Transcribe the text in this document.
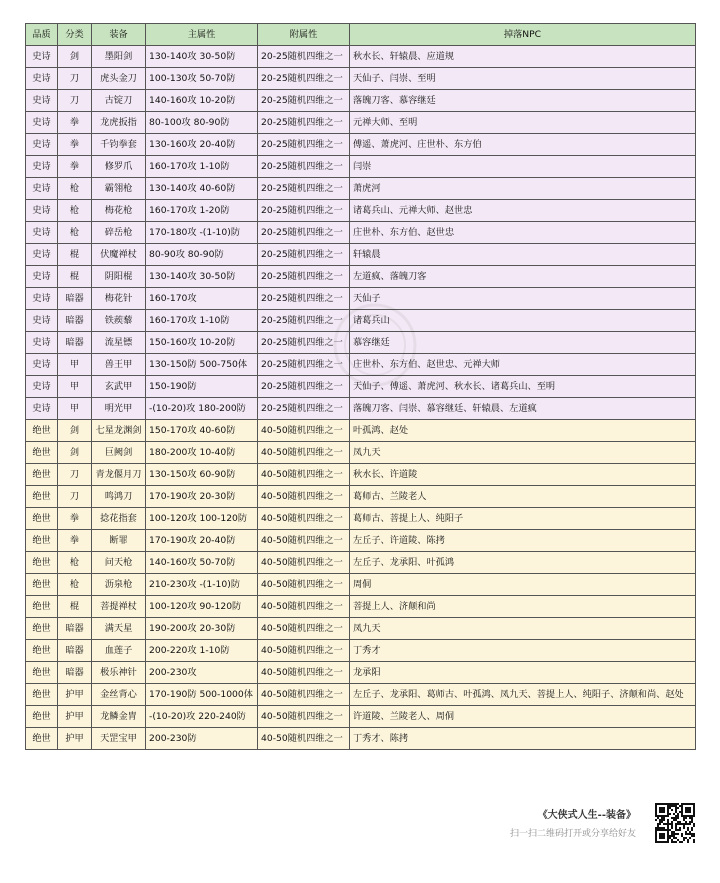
品质	分类	装备	主属性	附属性	掉落NPC
史诗	剑	墨阳剑	130-140攻 30-50防	20-25随机四维之一	秋水长、轩辕晨、应道规
史诗	刀	虎头金刀	100-130攻 50-70防	20-25随机四维之一	天仙子、闫崇、至明
史诗	刀	古锭刀	140-160攻 10-20防	20-25随机四维之一	落魄刀客、慕容继廷
史诗	拳	龙虎扳指	80-100攻 80-90防	20-25随机四维之一	元禅大师、至明
史诗	拳	千钧拳套	130-160攻 20-40防	20-25随机四维之一	傅遥、萧虎河、庄世朴、东方伯
史诗	拳	修罗爪	160-170攻 1-10防	20-25随机四维之一	闫崇
史诗	枪	霸翎枪	130-140攻 40-60防	20-25随机四维之一	萧虎河
史诗	枪	梅花枪	160-170攻 1-20防	20-25随机四维之一	诸葛兵山、元禅大师、赵世忠
史诗	枪	碎岳枪	170-180攻 -(1-10)防	20-25随机四维之一	庄世朴、东方伯、赵世忠
史诗	棍	伏魔禅杖	80-90攻 80-90防	20-25随机四维之一	轩辕晨
史诗	棍	阴阳棍	130-140攻 30-50防	20-25随机四维之一	左道疯、落魄刀客
史诗	暗器	梅花针	160-170攻	20-25随机四维之一	天仙子
史诗	暗器	铁蒺藜	160-170攻 1-10防	20-25随机四维之一	诸葛兵山
史诗	暗器	流星镖	150-160攻 10-20防	20-25随机四维之一	慕容继廷
史诗	甲	兽王甲	130-150防 500-750体	20-25随机四维之一	庄世朴、东方伯、赵世忠、元禅大师
史诗	甲	玄武甲	150-190防	20-25随机四维之一	天仙子、傅遥、萧虎河、秋水长、诸葛兵山、至明
史诗	甲	明光甲	-(10-20)攻 180-200防	20-25随机四维之一	落魄刀客、闫崇、慕容继廷、轩辕晨、左道疯
绝世	剑	七星龙渊剑	150-170攻 40-60防	40-50随机四维之一	叶孤鸿、赵处
绝世	剑	巨阙剑	180-200攻 10-40防	40-50随机四维之一	凤九天
绝世	刀	青龙偃月刀	130-150攻 60-90防	40-50随机四维之一	秋水长、许道陵
绝世	刀	鸣鸿刀	170-190攻 20-30防	40-50随机四维之一	葛师古、兰陵老人
绝世	拳	捻花指套	100-120攻 100-120防	40-50随机四维之一	葛师古、菩提上人、纯阳子
绝世	拳	断罪	170-190攻 20-40防	40-50随机四维之一	左丘子、许道陵、陈拷
绝世	枪	问天枪	140-160攻 50-70防	40-50随机四维之一	左丘子、龙承阳、叶孤鸿
绝世	枪	沥泉枪	210-230攻 -(1-10)防	40-50随机四维之一	周侗
绝世	棍	菩提禅杖	100-120攻 90-120防	40-50随机四维之一	菩提上人、济颠和尚
绝世	暗器	满天星	190-200攻 20-30防	40-50随机四维之一	凤九天
绝世	暗器	血莲子	200-220攻 1-10防	40-50随机四维之一	丁秀才
绝世	暗器	极乐神针	200-230攻	40-50随机四维之一	龙承阳
绝世	护甲	金丝背心	170-190防 500-1000体	40-50随机四维之一	左丘子、龙承阳、葛师古、叶孤鸿、凤九天、菩提上人、纯阳子、济颠和尚、赵处
绝世	护甲	龙鳞金胄	-(10-20)攻 220-240防	40-50随机四维之一	许道陵、兰陵老人、周侗
绝世	护甲	天罡宝甲	200-230防	40-50随机四维之一	丁秀才、陈拷
《大侠式人生--装备》
扫一扫二维码打开或分享给好友
